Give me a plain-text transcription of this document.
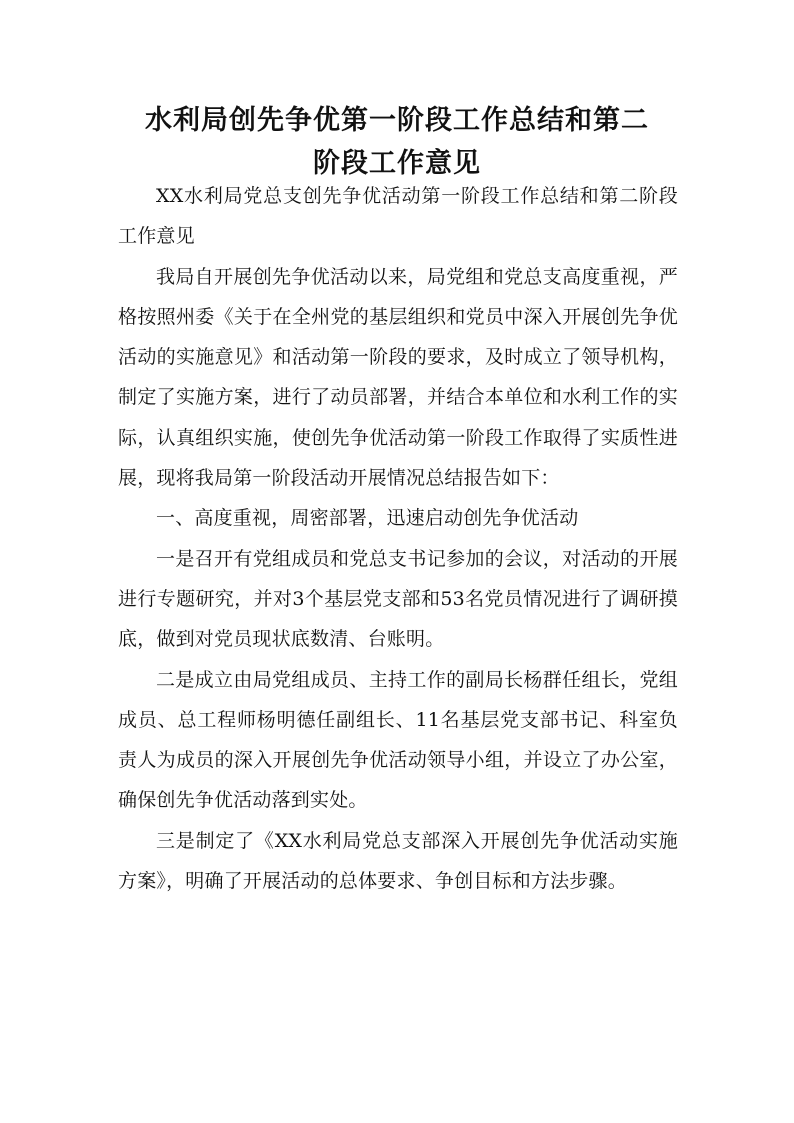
水利局创先争优第一阶段工作总结和第二
阶段工作意见

XX水利局党总支创先争优活动第一阶段工作总结和第二阶段工作意见

我局自开展创先争优活动以来，局党组和党总支高度重视，严格按照州委《关于在全州党的基层组织和党员中深入开展创先争优活动的实施意见》和活动第一阶段的要求，及时成立了领导机构，制定了实施方案，进行了动员部署，并结合本单位和水利工作的实际，认真组织实施，使创先争优活动第一阶段工作取得了实质性进展，现将我局第一阶段活动开展情况总结报告如下：

一、高度重视，周密部署，迅速启动创先争优活动

一是召开有党组成员和党总支书记参加的会议，对活动的开展进行专题研究，并对3个基层党支部和53名党员情况进行了调研摸底，做到对党员现状底数清、台账明。

二是成立由局党组成员、主持工作的副局长杨群任组长，党组成员、总工程师杨明德任副组长、11名基层党支部书记、科室负责人为成员的深入开展创先争优活动领导小组，并设立了办公室，确保创先争优活动落到实处。

三是制定了《XX水利局党总支部深入开展创先争优活动实施方案》，明确了开展活动的总体要求、争创目标和方法步骤。
